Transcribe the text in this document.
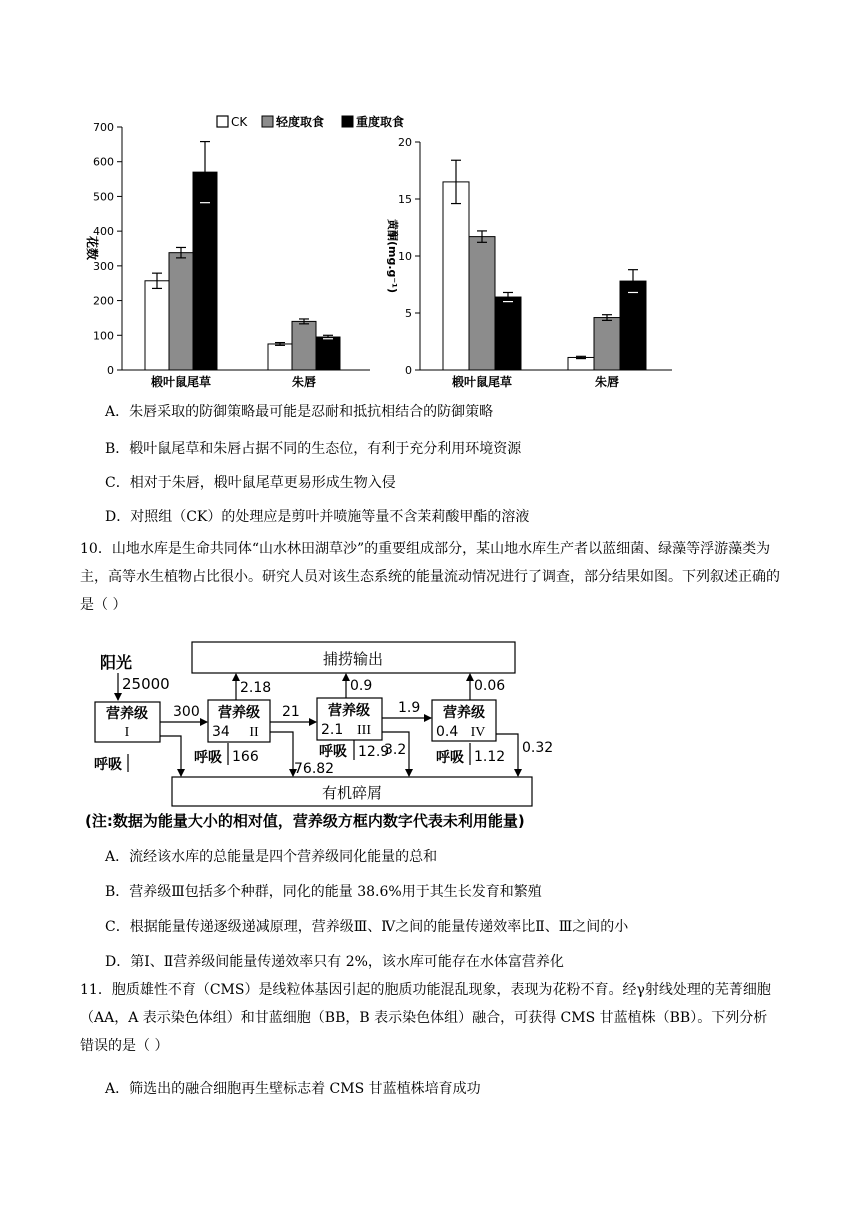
CK 轻度取食	重度取食
花数
0
100
200
300
400
500
600
700
椴叶鼠尾草	朱唇
黄酮(mg.g⁻¹)
0
5
10
15
20
椴叶鼠尾草	朱唇
A．朱唇采取的防御策略最可能是忍耐和抵抗相结合的防御策略
B．椴叶鼠尾草和朱唇占据不同的生态位，有利于充分利用环境资源
C．相对于朱唇，椴叶鼠尾草更易形成生物入侵
D．对照组（CK）的处理应是剪叶并喷施等量不含茉莉酸甲酯的溶液
10．山地水库是生命共同体“山水林田湖草沙”的重要组成部分，某山地水库生产者以蓝细菌、绿藻等浮游藻类为主，高等水生植物占比很小。研究人员对该生态系统的能量流动情况进行了调查，部分结果如图。下列叙述正确的是（ ）
捕捞输出
有机碎屑
阳光
25000
营养级
I
营养级
34 II
营养级
2.1 III
营养级
0.4 IV
300	21	1.9
2.18	0.9	0.06
呼吸	呼吸 166	呼吸 12.9	呼吸 1.12
76.82
3.2	0.32
(注:数据为能量大小的相对值，营养级方框内数字代表未利用能量)
A．流经该水库的总能量是四个营养级同化能量的总和
B．营养级Ⅲ包括多个种群，同化的能量 38.6%用于其生长发育和繁殖
C．根据能量传递逐级递减原理，营养级Ⅲ、Ⅳ之间的能量传递效率比Ⅱ、Ⅲ之间的小
D．第Ⅰ、Ⅱ营养级间能量传递效率只有 2%，该水库可能存在水体富营养化
11．胞质雄性不育（CMS）是线粒体基因引起的胞质功能混乱现象，表现为花粉不育。经γ射线处理的芜菁细胞（AA，A 表示染色体组）和甘蓝细胞（BB，B 表示染色体组）融合，可获得 CMS 甘蓝植株（BB）。下列分析错误的是（ ）
A．筛选出的融合细胞再生壁标志着 CMS 甘蓝植株培育成功
